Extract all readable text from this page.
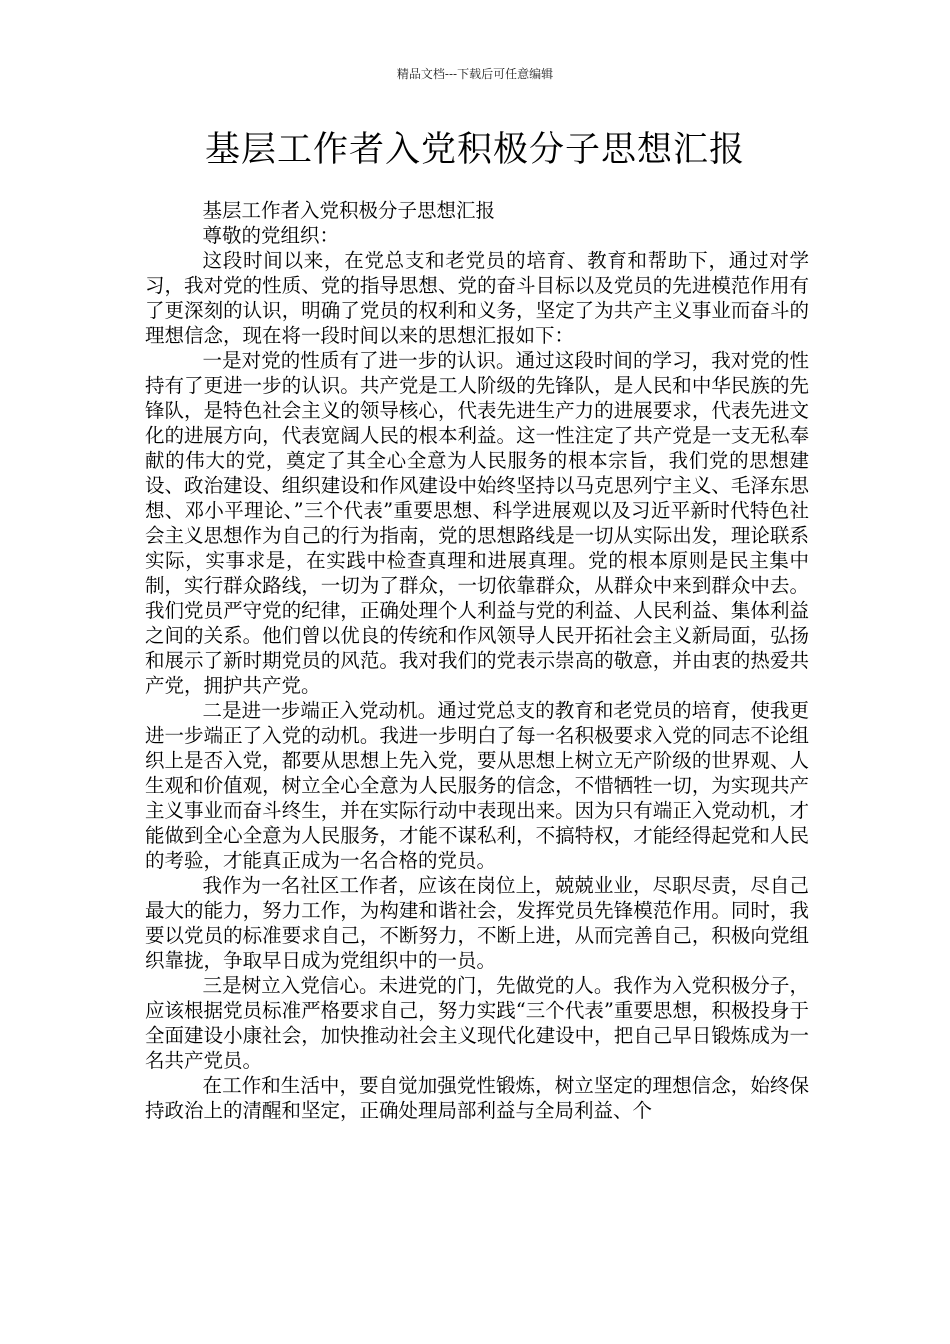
精品文档---下载后可任意编辑
基层工作者入党积极分子思想汇报

基层工作者入党积极分子思想汇报

尊敬的党组织：

这段时间以来，在党总支和老党员的培育、教育和帮助下，通过对学习，我对党的性质、党的指导思想、党的奋斗目标以及党员的先进模范作用有了更深刻的认识，明确了党员的权利和义务，坚定了为共产主义事业而奋斗的理想信念，现在将一段时间以来的思想汇报如下：

一是对党的性质有了进一步的认识。通过这段时间的学习，我对党的性持有了更进一步的认识。共产党是工人阶级的先锋队，是人民和中华民族的先锋队，是特色社会主义的领导核心，代表先进生产力的进展要求，代表先进文化的进展方向，代表宽阔人民的根本利益。这一性注定了共产党是一支无私奉献的伟大的党，奠定了其全心全意为人民服务的根本宗旨，我们党的思想建设、政治建设、组织建设和作风建设中始终坚持以马克思列宁主义、毛泽东思想、邓小平理论、”三个代表”重要思想、科学进展观以及习近平新时代特色社会主义思想作为自己的行为指南，党的思想路线是一切从实际出发，理论联系实际，实事求是，在实践中检查真理和进展真理。党的根本原则是民主集中制，实行群众路线，一切为了群众，一切依靠群众，从群众中来到群众中去。我们党员严守党的纪律，正确处理个人利益与党的利益、人民利益、集体利益之间的关系。他们曾以优良的传统和作风领导人民开拓社会主义新局面，弘扬和展示了新时期党员的风范。我对我们的党表示崇高的敬意，并由衷的热爱共产党，拥护共产党。

二是进一步端正入党动机。通过党总支的教育和老党员的培育，使我更进一步端正了入党的动机。我进一步明白了每一名积极要求入党的同志不论组织上是否入党，都要从思想上先入党，要从思想上树立无产阶级的世界观、人生观和价值观，树立全心全意为人民服务的信念，不惜牺牲一切，为实现共产主义事业而奋斗终生，并在实际行动中表现出来。因为只有端正入党动机，才能做到全心全意为人民服务，才能不谋私利，不搞特权，才能经得起党和人民的考验，才能真正成为一名合格的党员。

我作为一名社区工作者，应该在岗位上，兢兢业业，尽职尽责，尽自己最大的能力，努力工作，为构建和谐社会，发挥党员先锋模范作用。同时，我要以党员的标准要求自己，不断努力，不断上进，从而完善自己，积极向党组织靠拢，争取早日成为党组织中的一员。

三是树立入党信心。未进党的门，先做党的人。我作为入党积极分子，应该根据党员标准严格要求自己，努力实践“三个代表”重要思想，积极投身于全面建设小康社会，加快推动社会主义现代化建设中，把自己早日锻炼成为一名共产党员。

在工作和生活中，要自觉加强党性锻炼，树立坚定的理想信念，始终保持政治上的清醒和坚定，正确处理局部利益与全局利益、个
